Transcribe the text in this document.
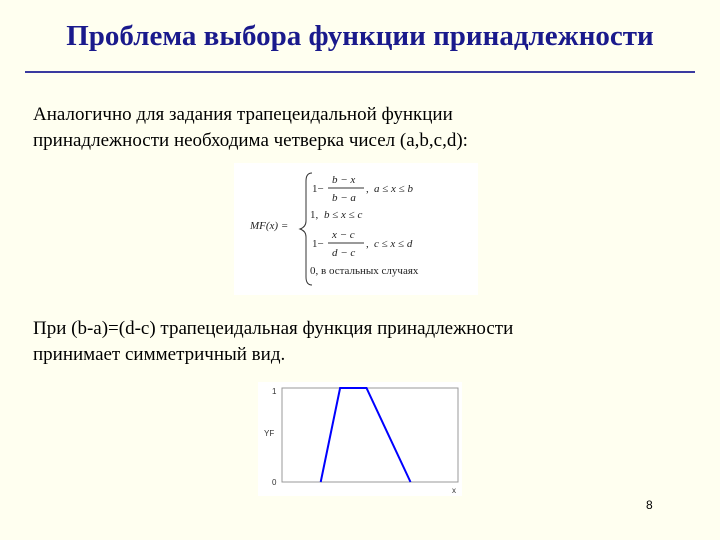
Проблема выбора функции принадлежности
Аналогично для задания трапецеидальной функции
принадлежности необходима четверка чисел (a,b,c,d):
MF(x) =
1−
b − x
b − a
, a ≤ x ≤ b
1, b ≤ x ≤ c
1−
x − c
d − c
, c ≤ x ≤ d
0, в остальных случаях
При (b-a)=(d-c) трапецеидальная функция принадлежности
принимает симметричный вид.
1
YF
0
x
8
